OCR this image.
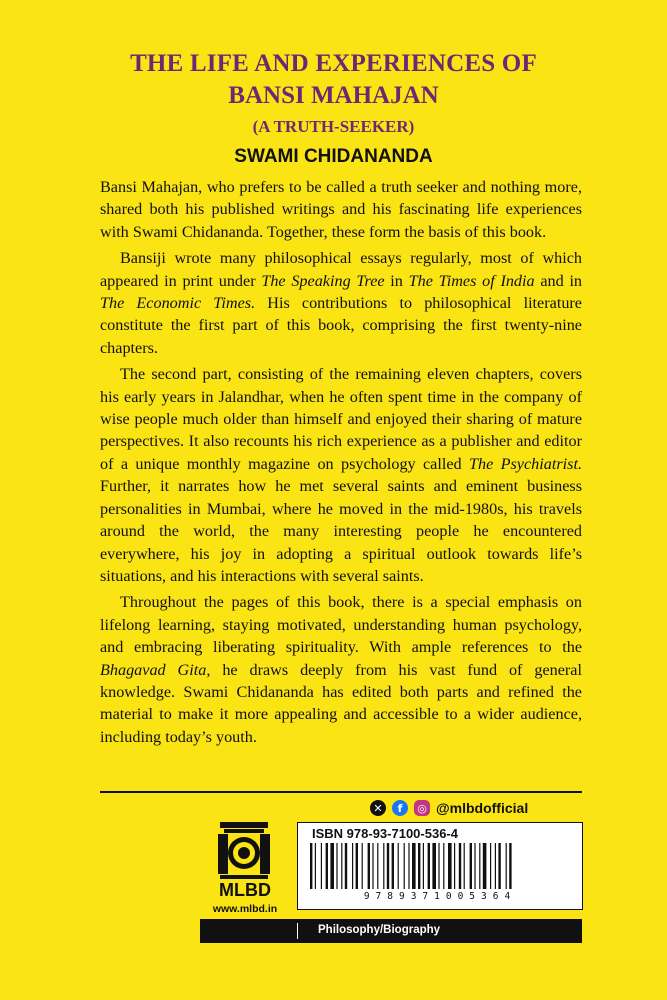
THE LIFE AND EXPERIENCES OF
BANSI MAHAJAN
(A TRUTH-SEEKER)
SWAMI CHIDANANDA

Bansi Mahajan, who prefers to be called a truth seeker and nothing more, shared both his published writings and his fascinating life experiences with Swami Chidananda. Together, these form the basis of this book.

Bansiji wrote many philosophical essays regularly, most of which appeared in print under The Speaking Tree in The Times of India and in The Economic Times. His contributions to philosophical literature constitute the first part of this book, comprising the first twenty-nine chapters.

The second part, consisting of the remaining eleven chapters, covers his early years in Jalandhar, when he often spent time in the company of wise people much older than himself and enjoyed their sharing of mature perspectives. It also recounts his rich experience as a publisher and editor of a unique monthly magazine on psychology called The Psychiatrist. Further, it narrates how he met several saints and eminent business personalities in Mumbai, where he moved in the mid-1980s, his travels around the world, the many interesting people he encountered everywhere, his joy in adopting a spiritual outlook towards life’s situations, and his interactions with several saints.

Throughout the pages of this book, there is a special emphasis on lifelong learning, staying motivated, understanding human psychology, and embracing liberating spirituality. With ample references to the Bhagavad Gita, he draws deeply from his vast fund of general knowledge. Swami Chidananda has edited both parts and refined the material to make it more appealing and accessible to a wider audience, including today’s youth.

✕	f	◎ @mlbdofficial
MLBD
www.mlbd.in
ISBN 978-93-7100-536-4
9789371005364
Philosophy/Biography
